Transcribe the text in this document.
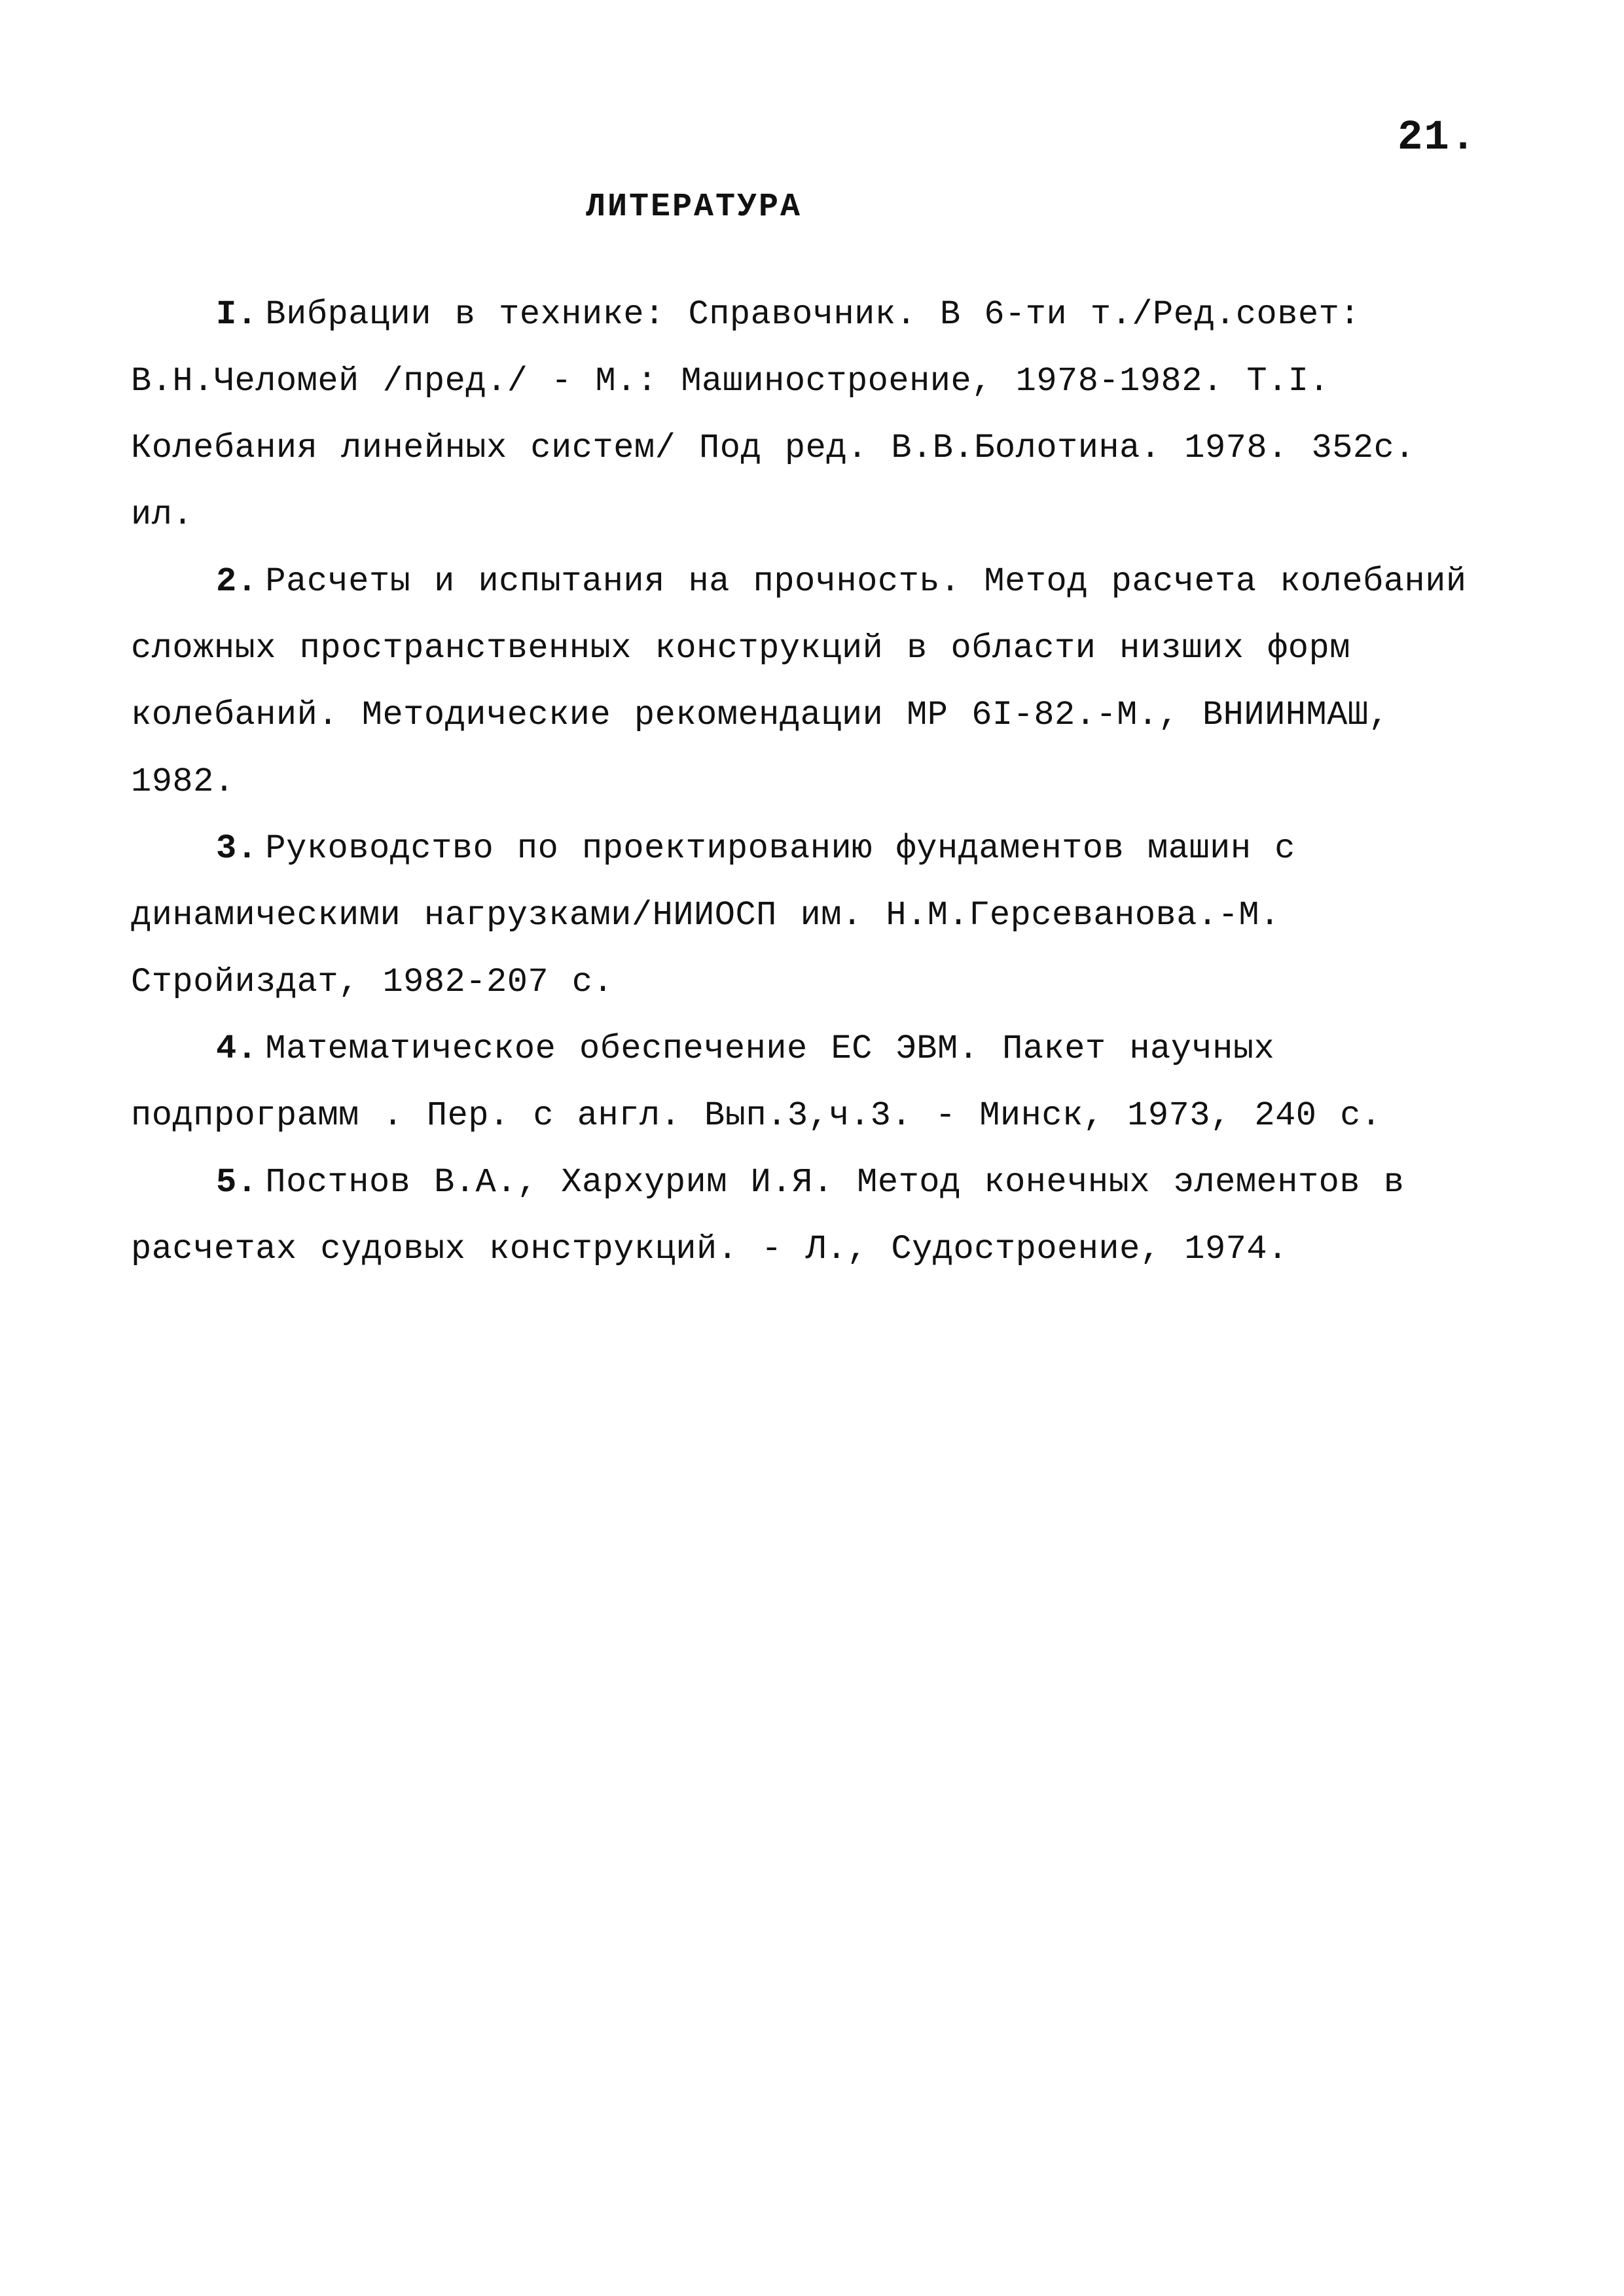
21.
ЛИТЕРАТУРА
I. Вибрации в технике: Справочник. В 6-ти т./Ред.совет: В.Н.Челомей /пред./ - М.: Машиностроение, 1978-1982. Т.I. Колебания линейных систем/ Под ред. В.В.Болотина. 1978. 352с. ил.
2. Расчеты и испытания на прочность. Метод расчета колебаний сложных пространственных конструкций в области низших форм колебаний. Методические рекомендации МР 6I-82.-М., ВНИИНМАШ, 1982.
3. Руководство по проектированию фундаментов машин с динамическими нагрузками/НИИОСП им. Н.М.Герсеванова.-М. Стройиздат, 1982-207 с.
4. Математическое обеспечение ЕС ЭВМ. Пакет научных подпрограмм . Пер. с англ. Вып.3,ч.3. - Минск, 1973, 240 с.
5. Постнов В.А., Хархурим И.Я. Метод конечных элементов в расчетах судовых конструкций. - Л., Судостроение, 1974.
